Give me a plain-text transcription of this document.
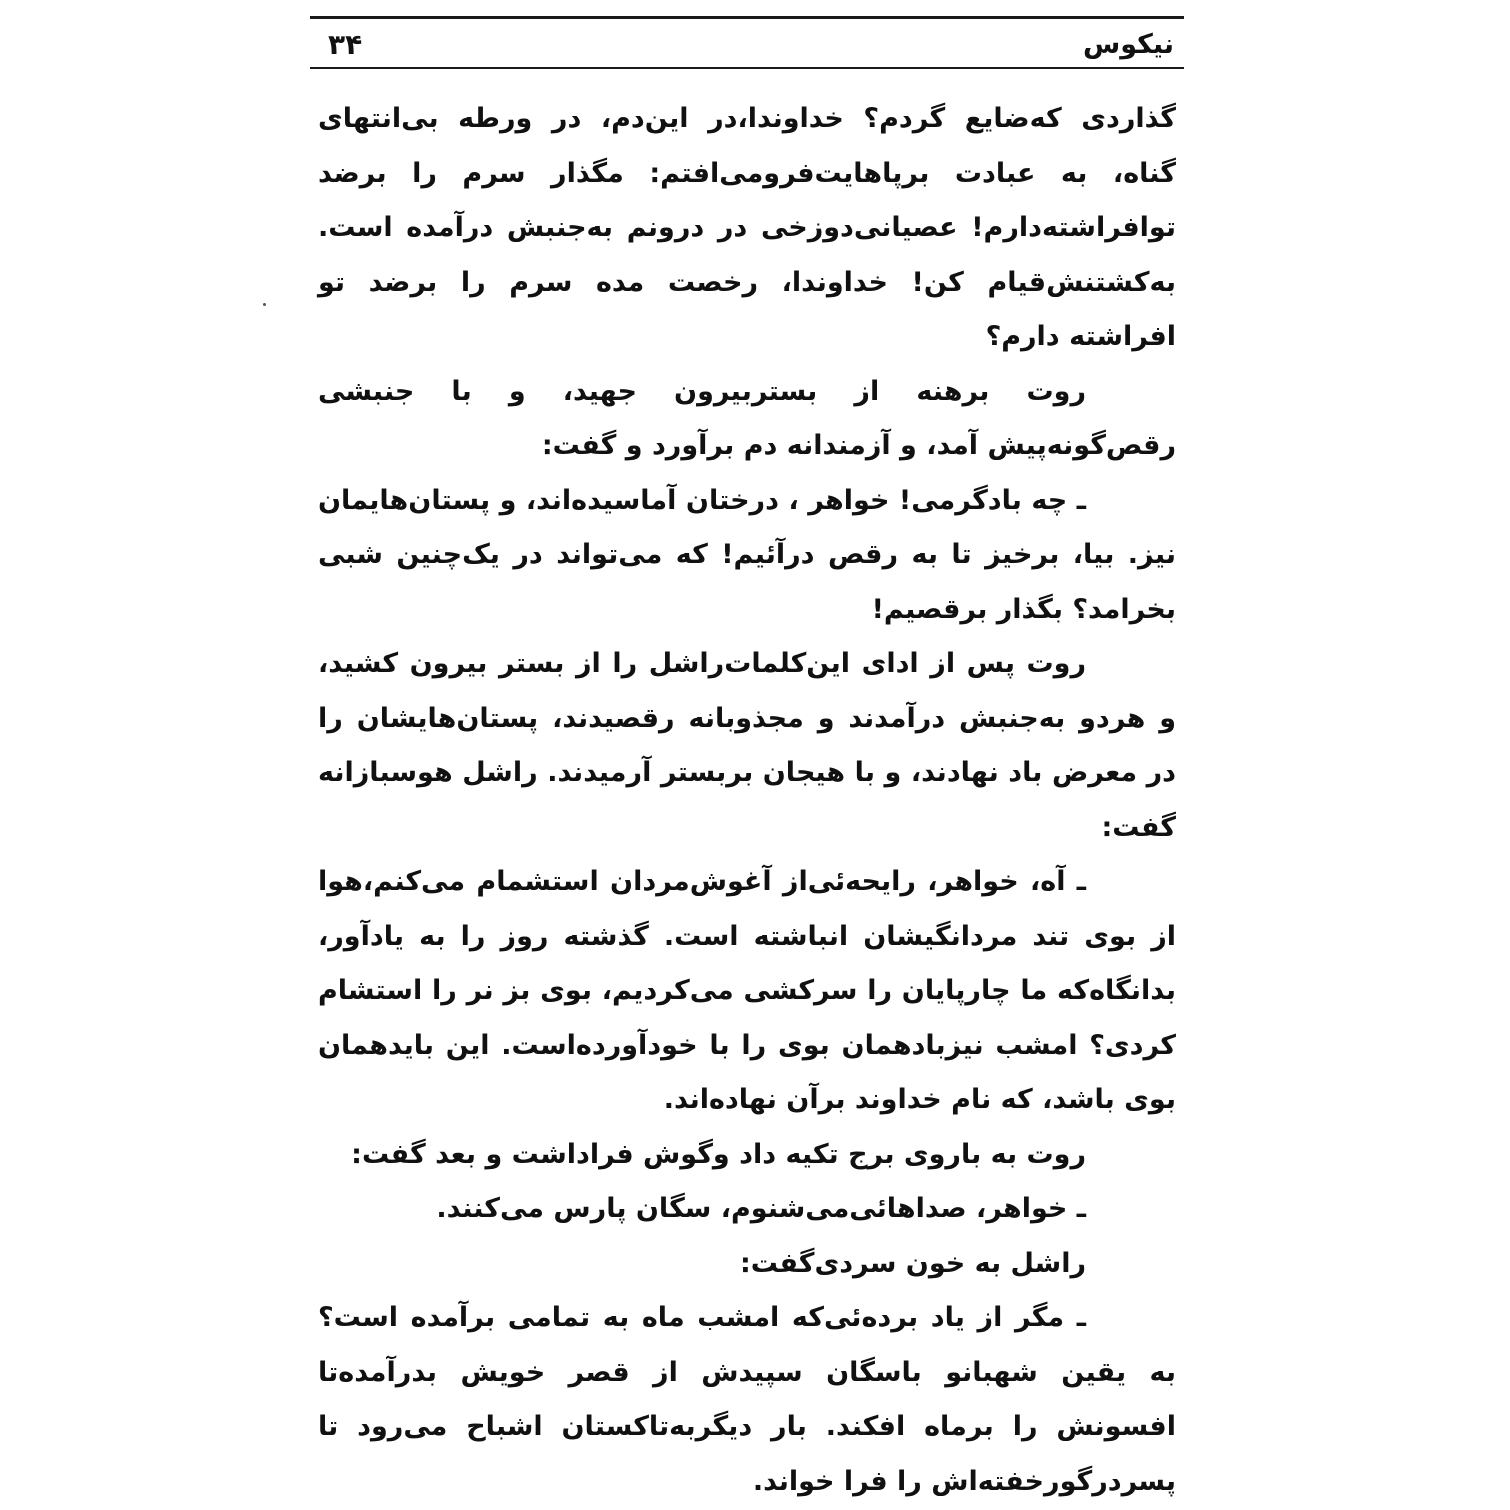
نیکوس
۳۴

گذاردی که‌ضایع گردم؟ خداوندا،در این‌دم، در ورطه بی‌انتهای گناه، به عبادت برپاهایت‌فرومی‌افتم: مگذار سرم را برضد توافراشته‌دارم! عصیانی‌دوزخی در درونم به‌جنبش درآمده است. به‌کشتنش‌قیام کن! خداوندا، رخصت مده سرم را برضد تو افراشته دارم؟

روت برهنه از بستربیرون جهید، و با جنبشی رقص‌گونه‌پیش آمد، و آزمندانه دم برآورد و گفت:

ـ چه بادگرمی! خواهر ، درختان آماسیده‌اند، و پستان‌هایمان نیز. بیا، برخیز تا به رقص درآئیم! که می‌تواند در یک‌چنین شبی بخرامد؟ بگذار برقصیم!

روت پس از ادای این‌کلمات‌راشل را از بستر بیرون کشید، و هردو به‌جنبش درآمدند و مجذوبانه رقصیدند، پستان‌هایشان را در معرض باد نهادند، و با هیجان بربستر آرمیدند. راشل هوسبازانه گفت:

ـ آه، خواهر، رایحه‌ئی‌از آغوش‌مردان استشمام می‌کنم،هوا از بوی تند مردانگیشان انباشته است. گذشته روز را به یادآور، بدانگاه‌که ما چارپایان را سرکشی می‌کردیم، بوی بز نر را استشام کردی؟ امشب نیزبادهمان بوی را با خودآورده‌است. این بایدهمان بوی باشد، که نام خداوند برآن نهاده‌اند.

روت به باروی برج تکیه داد وگوش فراداشت و بعد گفت:

ـ خواهر، صداهائی‌می‌شنوم، سگان پارس می‌کنند.

راشل به خون سردی‌گفت:

ـ مگر از یاد برده‌ئی‌که امشب ماه به تمامی برآمده است؟ به یقین شهبانو باسگان سپیدش از قصر خویش بدرآمده‌تا افسونش را برماه افکند. بار دیگربه‌تاکستان اشباح می‌رود تا پسردرگورخفته‌اش را فرا خواند.
